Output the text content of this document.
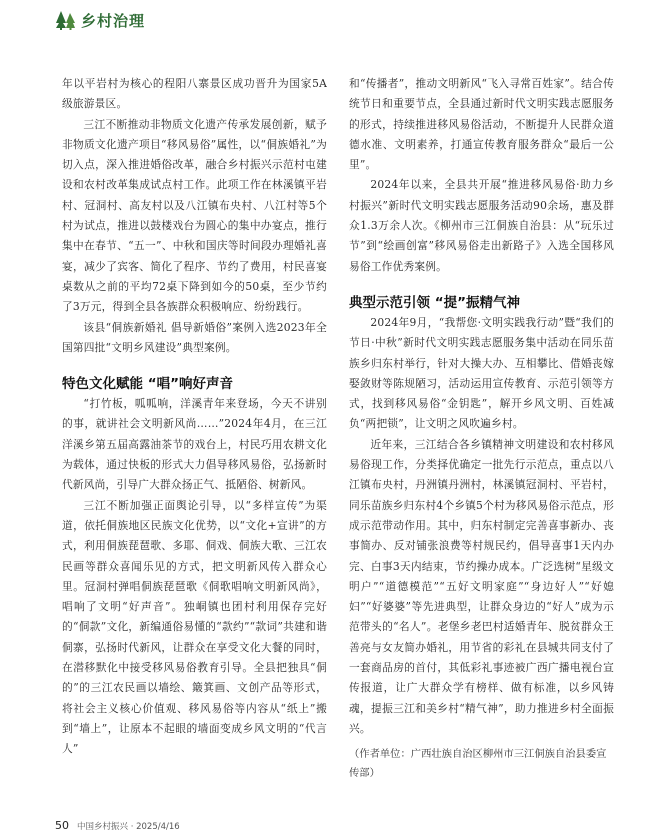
乡村治理

年以平岩村为核心的程阳八寨景区成功晋升为国家5A级旅游景区。

三江不断推动非物质文化遗产传承发展创新，赋予非物质文化遗产项目“移风易俗”属性，以“侗族婚礼”为切入点，深入推进婚俗改革，融合乡村振兴示范村屯建设和农村改革集成试点村工作。此项工作在林溪镇平岩村、冠洞村、高友村以及八江镇布央村、八江村等5个村为试点，推进以鼓楼戏台为圆心的集中办宴点，推行集中在春节、“五一”、中秋和国庆等时间段办理婚礼喜宴，减少了宾客、简化了程序、节约了费用，村民喜宴桌数从之前的平均72桌下降到如今的50桌，至少节约了3万元，得到全县各族群众积极响应、纷纷践行。

该县“侗族新婚礼 倡导新婚俗”案例入选2023年全国第四批“文明乡风建设”典型案例。

特色文化赋能 “唱”响好声音

“打竹板，呱呱响，洋溪青年来登场，今天不讲别的事，就讲社会文明新风尚……”2024年4月，在三江洋溪乡第五届高露油茶节的戏台上，村民巧用农耕文化为载体，通过快板的形式大力倡导移风易俗，弘扬新时代新风尚，引导广大群众扬正气、抵陋俗、树新风。

三江不断加强正面舆论引导，以“多样宣传”为渠道，依托侗族地区民族文化优势，以“文化+宣讲”的方式，利用侗族琵琶歌、多耶、侗戏、侗族大歌、三江农民画等群众喜闻乐见的方式，把文明新风传入群众心里。冠洞村弹唱侗族琵琶歌《侗歌唱响文明新风尚》，唱响了文明“好声音”。独峒镇也团村利用保存完好的“侗款”文化，新编通俗易懂的“款约”“款词”共建和谐侗寨，弘扬时代新风，让群众在享受文化大餐的同时，在潜移默化中接受移风易俗教育引导。全县把独具“侗的”的三江农民画以墙绘、簸箕画、文创产品等形式，将社会主义核心价值观、移风易俗等内容从“纸上”搬到“墙上”，让原本不起眼的墙面变成乡风文明的“代言人”

和“传播者”，推动文明新风“飞入寻常百姓家”。结合传统节日和重要节点，全县通过新时代文明实践志愿服务的形式，持续推进移风易俗活动，不断提升人民群众道德水准、文明素养，打通宣传教育服务群众“最后一公里”。

2024年以来，全县共开展“推进移风易俗·助力乡村振兴”新时代文明实践志愿服务活动90余场，惠及群众1.3万余人次。《柳州市三江侗族自治县：从“玩乐过节”到“绘画创富”移风易俗走出新路子》入选全国移风易俗工作优秀案例。

典型示范引领 “提”振精气神

2024年9月，“我帮您·文明实践我行动”暨“我们的节日·中秋”新时代文明实践志愿服务集中活动在同乐苗族乡归东村举行，针对大操大办、互相攀比、借婚丧嫁娶敛财等陈规陋习，活动运用宣传教育、示范引领等方式，找到移风易俗“金钥匙”，解开乡风文明、百姓减负“两把锁”，让文明之风吹遍乡村。

近年来，三江结合各乡镇精神文明建设和农村移风易俗现工作，分类择优确定一批先行示范点，重点以八江镇布央村，丹洲镇丹洲村，林溪镇冠洞村、平岩村，同乐苗族乡归东村4个乡镇5个村为移风易俗示范点，形成示范带动作用。其中，归东村制定完善喜事新办、丧事简办、反对铺张浪费等村规民约，倡导喜事1天内办完、白事3天内结束，节约操办成本。广泛选树“星级文明户”“道德模范”“五好文明家庭”“身边好人”“好媳妇”“好婆婆”等先进典型，让群众身边的“好人”成为示范带头的“名人”。老堡乡老巴村适婚青年、脱贫群众王善亮与女友简办婚礼，用节省的彩礼在县城共同支付了一套商品房的首付，其低彩礼事迹被广西广播电视台宣传报道，让广大群众学有榜样、做有标准，以乡风铸魂，提振三江和美乡村“精气神”，助力推进乡村全面振兴。

（作者单位：广西壮族自治区柳州市三江侗族自治县委宣传部）

50 中国乡村振兴 · 2025/4/16
